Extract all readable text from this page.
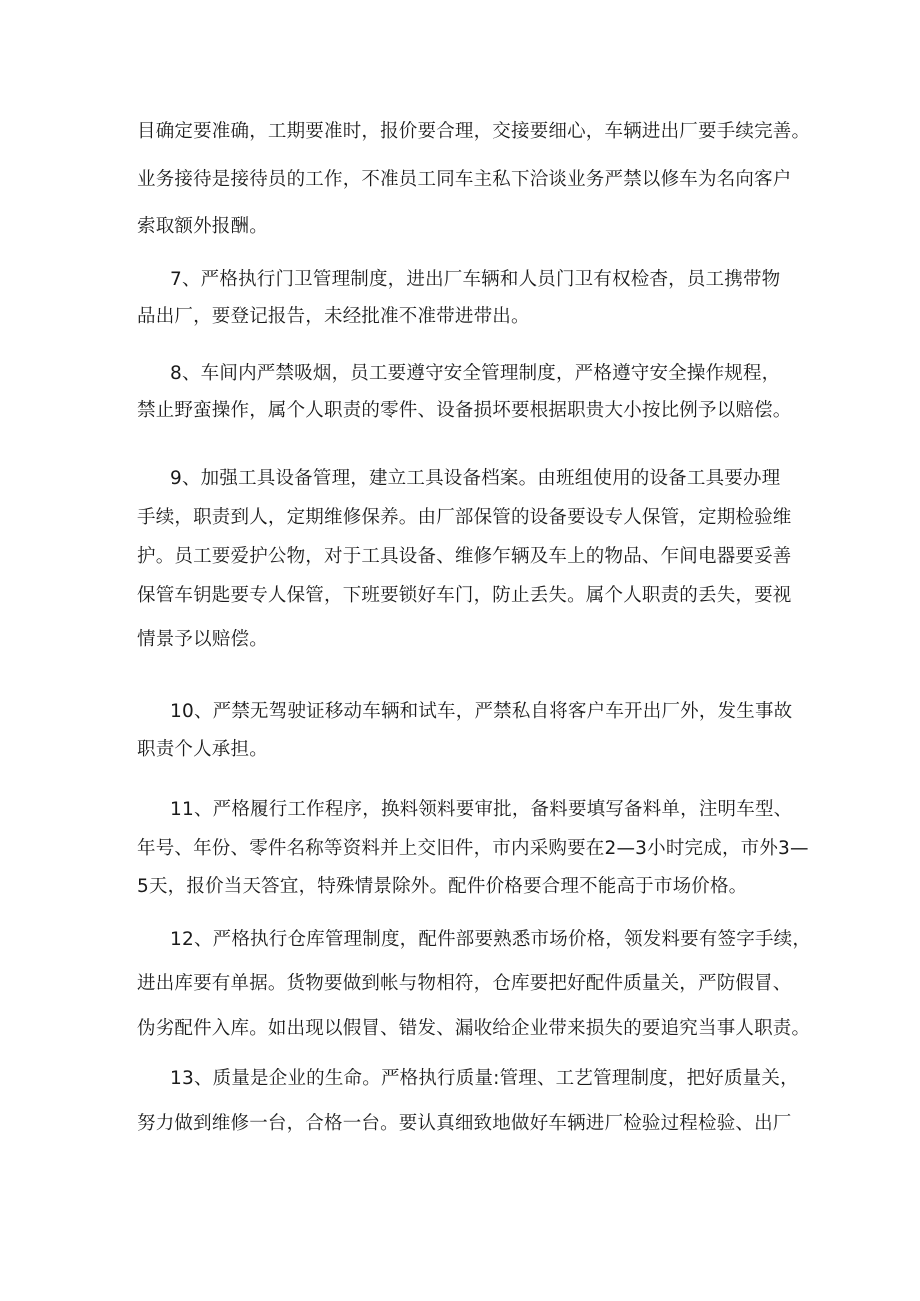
目确定要准确，工期要准时，报价要合理，交接要细心，车辆进出厂要手续完善。
业务接待是接待员的工作，不准员工同车主私下洽谈业务严禁以修车为名向客户
索取额外报酬。
7、严格执行门卫管理制度，进出厂车辆和人员门卫有权检杳，员工携带物
品出厂，要登记报告，未经批准不准带进带出。
8、车间内严禁吸烟，员工要遵守安全管理制度，严格遵守安全操作规程，
禁止野蛮操作，属个人职责的零件、设备损坏要根据职贵大小按比例予以赔偿。
9、加强工具设备管理，建立工具设备档案。由班组使用的设备工具要办理
手续，职责到人，定期维修保养。由厂部保管的设备要设专人保管，定期检验维
护。员工要爱护公物，对于工具设备、维修乍辆及车上的物品、乍间电器要妥善
保管车钥匙要专人保管，下班要锁好车门，防止丢失。属个人职责的丢失，要视
情景予以赔偿。
10、严禁无驾驶证移动车辆和试车，严禁私自将客户车开出厂外，发生事故
职责个人承担。
11、严格履行工作程序，换料领料要审批，备料要填写备料单，注明车型、
年号、年份、零件名称等资料并上交旧件，市内采购要在2—3小时完成，市外3—
5天，报价当天答宜，特殊情景除外。配件价格要合理不能高于市场价格。
12、严格执行仓库管理制度，配件部要熟悉市场价格，领发料要有签字手续，
进出库要有单据。货物要做到帐与物相符，仓库要把好配件质量关，严防假冒、
伪劣配件入库。如出现以假冒、错发、漏收给企业带来损失的要追究当事人职责。
13、质量是企业的生命。严格执行质量:管理、工艺管理制度，把好质量关，
努力做到维修一台，合格一台。要认真细致地做好车辆进厂检验过程检验、出厂
